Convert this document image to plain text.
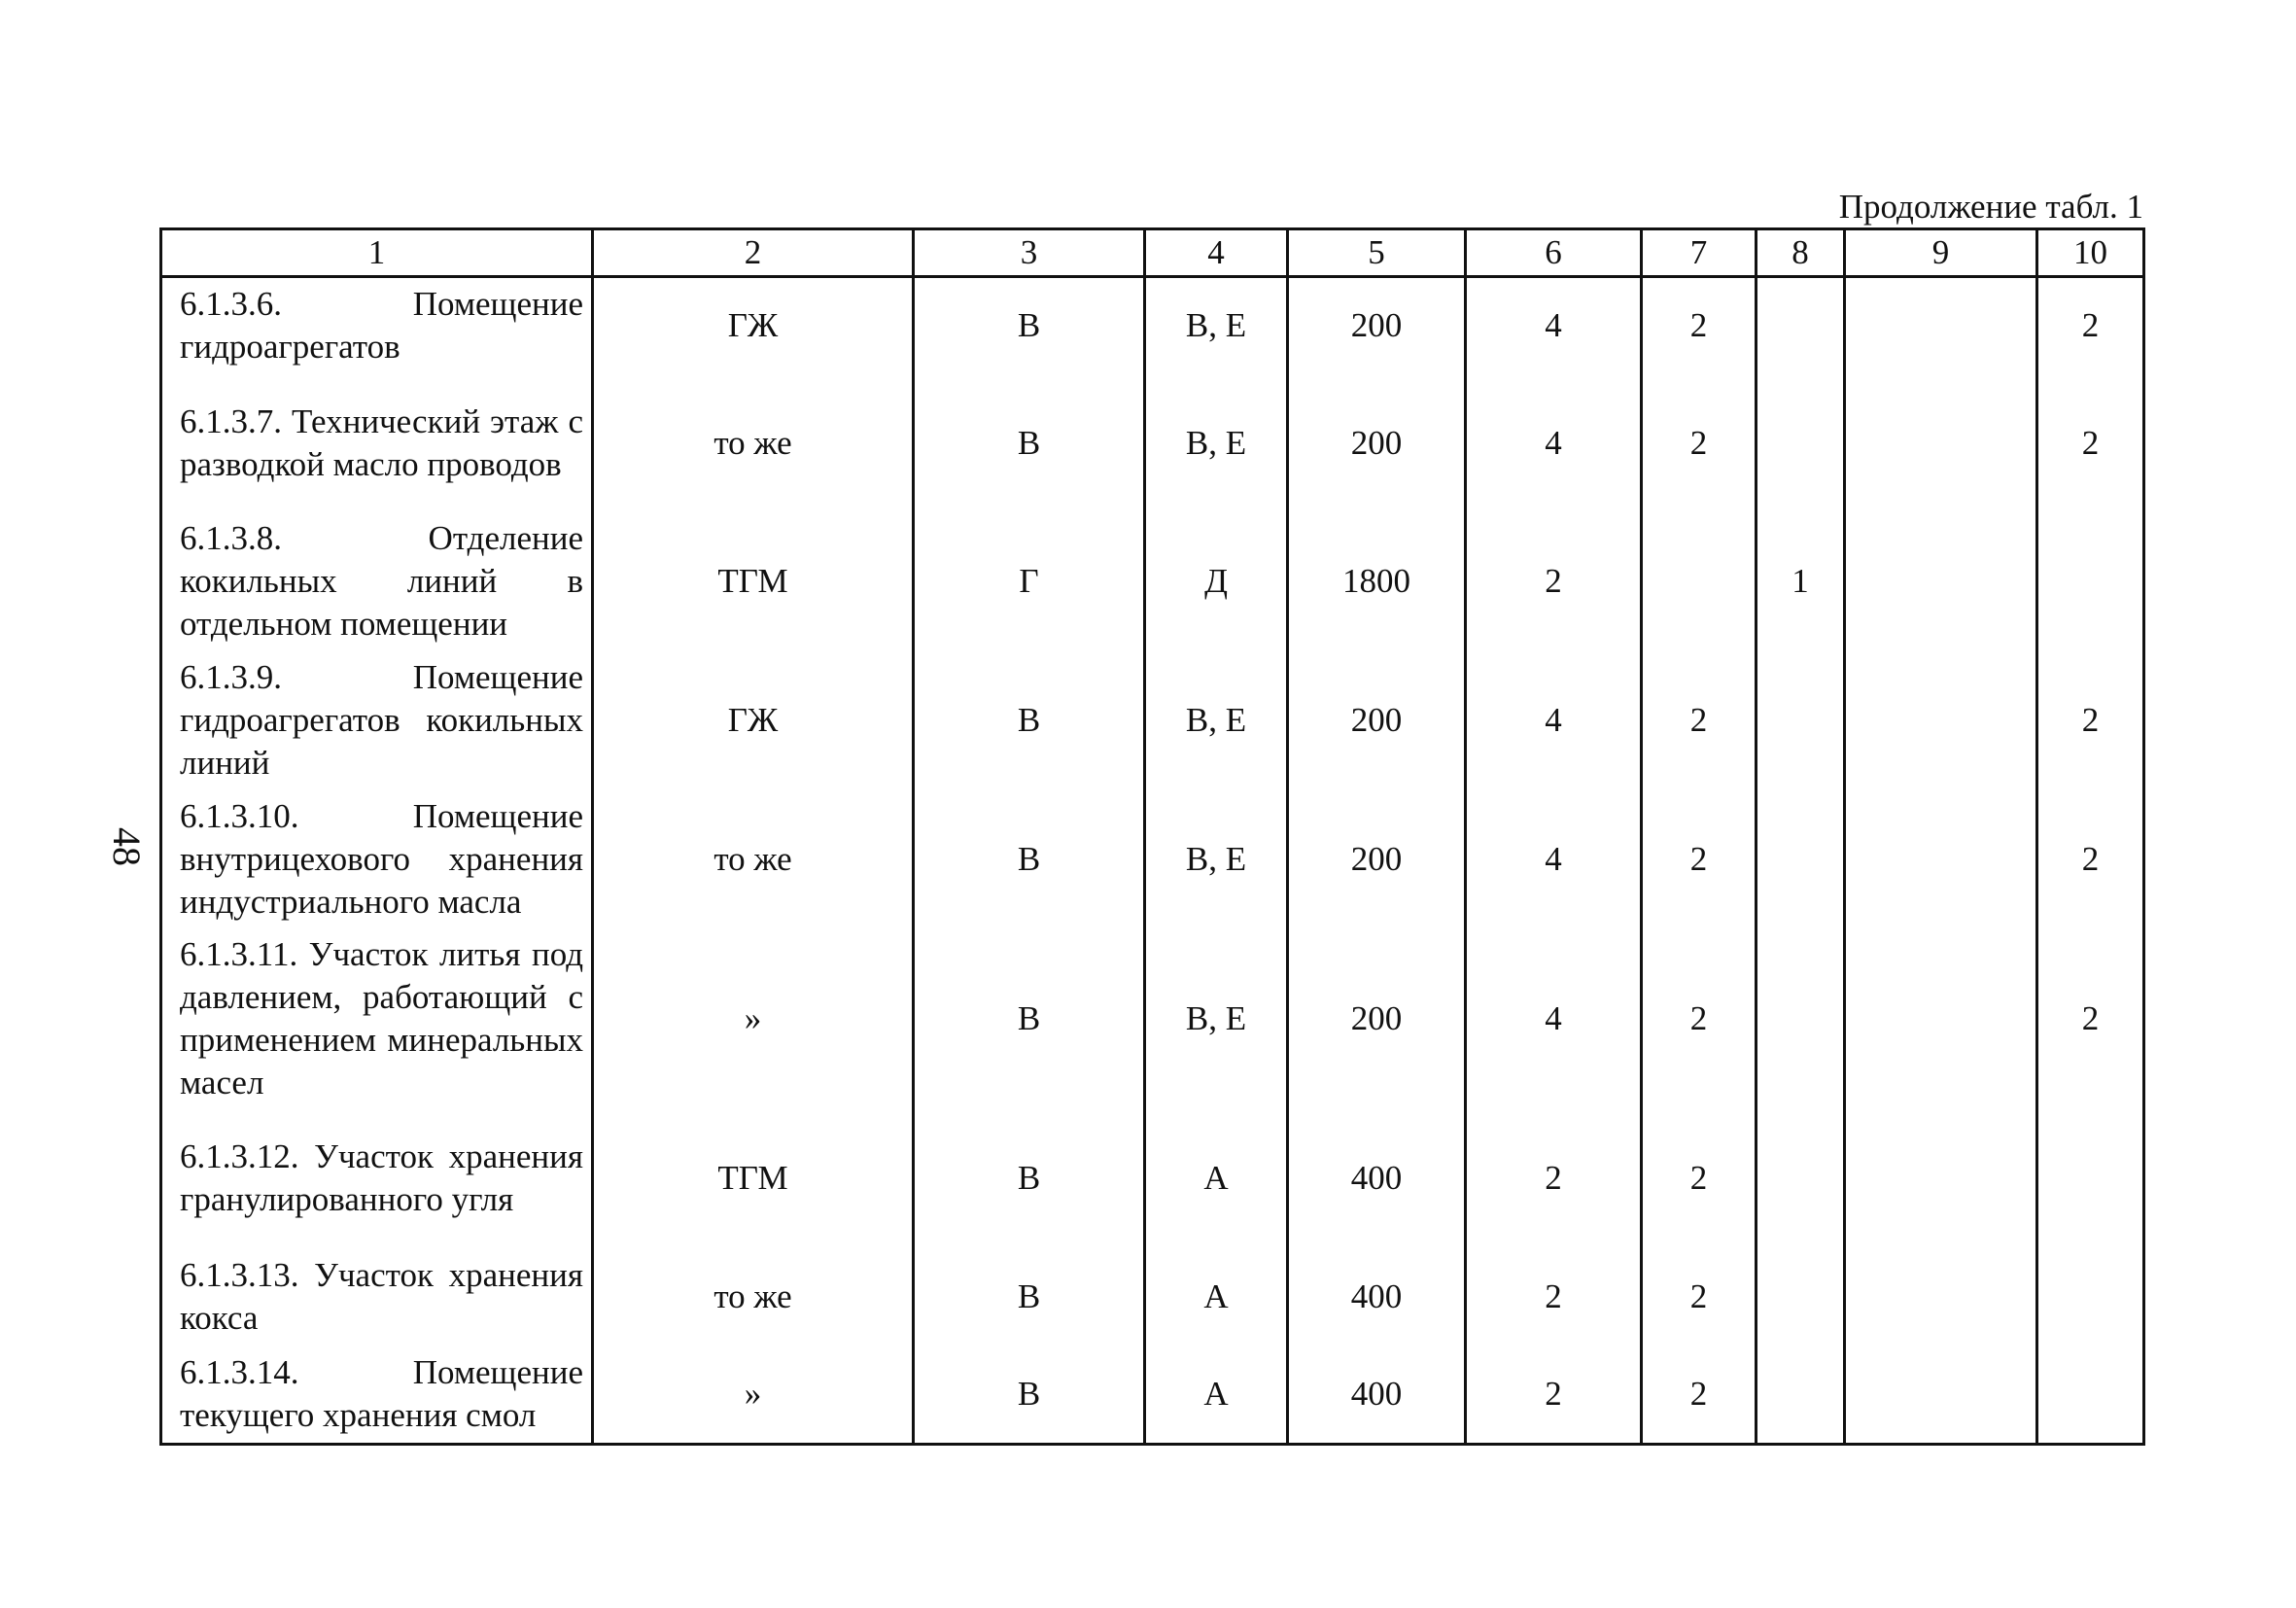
48
Продолжение табл. 1
1	2	3	4	5	6	7	8	9	10
6.1.3.6. Помещение гидроагрегатов	ГЖ	В	В, Е	200	4	2			2
6.1.3.7. Технический этаж с разводкой масло проводов	то же	В	В, Е	200	4	2			2
6.1.3.8. Отделение кокильных линий в отдельном помещении	ТГМ	Г	Д	1800	2		1		
6.1.3.9. Помещение гидроагрегатов кокильных линий	ГЖ	В	В, Е	200	4	2			2
6.1.3.10. Помещение внутрицехового хранения индустриального масла	то же	В	В, Е	200	4	2			2
6.1.3.11. Участок литья под давлением, работающий с применением минеральных масел	»	В	В, Е	200	4	2			2
6.1.3.12. Участок хранения гранулированного угля	ТГМ	В	А	400	2	2			
6.1.3.13. Участок хранения кокса	то же	В	А	400	2	2			
6.1.3.14. Помещение текущего хранения смол	»	В	А	400	2	2			
